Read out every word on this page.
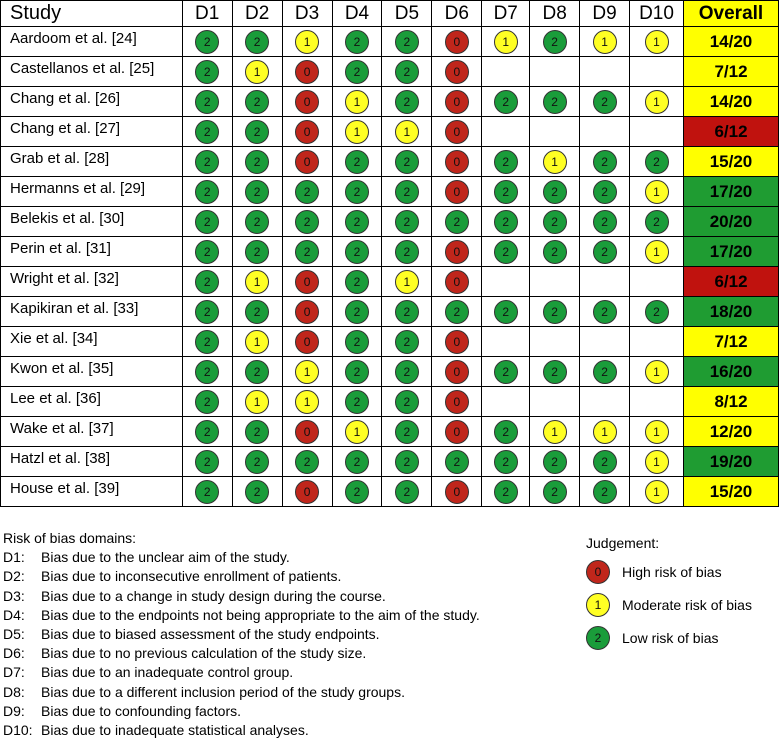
Study	D1	D2	D3	D4	D5	D6	D7	D8	D9	D10	Overall
Aardoom et al. [24]	2	2	1	2	2	0	1	2	1	1	14/20
Castellanos et al. [25]	2	1	0	2	2	0					7/12
Chang et al. [26]	2	2	0	1	2	0	2	2	2	1	14/20
Chang et al. [27]	2	2	0	1	1	0					6/12
Grab et al. [28]	2	2	0	2	2	0	2	1	2	2	15/20
Hermanns et al. [29]	2	2	2	2	2	0	2	2	2	1	17/20
Belekis et al. [30]	2	2	2	2	2	2	2	2	2	2	20/20
Perin et al. [31]	2	2	2	2	2	0	2	2	2	1	17/20
Wright et al. [32]	2	1	0	2	1	0					6/12
Kapikiran et al. [33]	2	2	0	2	2	2	2	2	2	2	18/20
Xie et al. [34]	2	1	0	2	2	0					7/12
Kwon et al. [35]	2	2	1	2	2	0	2	2	2	1	16/20
Lee et al. [36]	2	1	1	2	2	0					8/12
Wake et al. [37]	2	2	0	1	2	0	2	1	1	1	12/20
Hatzl et al. [38]	2	2	2	2	2	2	2	2	2	1	19/20
House et al. [39]	2	2	0	2	2	0	2	2	2	1	15/20
Risk of bias domains:
D1:	Bias due to the unclear aim of the study.
D2:	Bias due to inconsecutive enrollment of patients.
D3:	Bias due to a change in study design during the course.
D4:	Bias due to the endpoints not being appropriate to the aim of the study.
D5:	Bias due to biased assessment of the study endpoints.
D6:	Bias due to no previous calculation of the study size.
D7:	Bias due to an inadequate control group.
D8:	Bias due to a different inclusion period of the study groups.
D9:	Bias due to confounding factors.
D10: Bias due to inadequate statistical analyses.
Judgement:
0	High risk of bias
1	Moderate risk of bias
2	Low risk of bias
